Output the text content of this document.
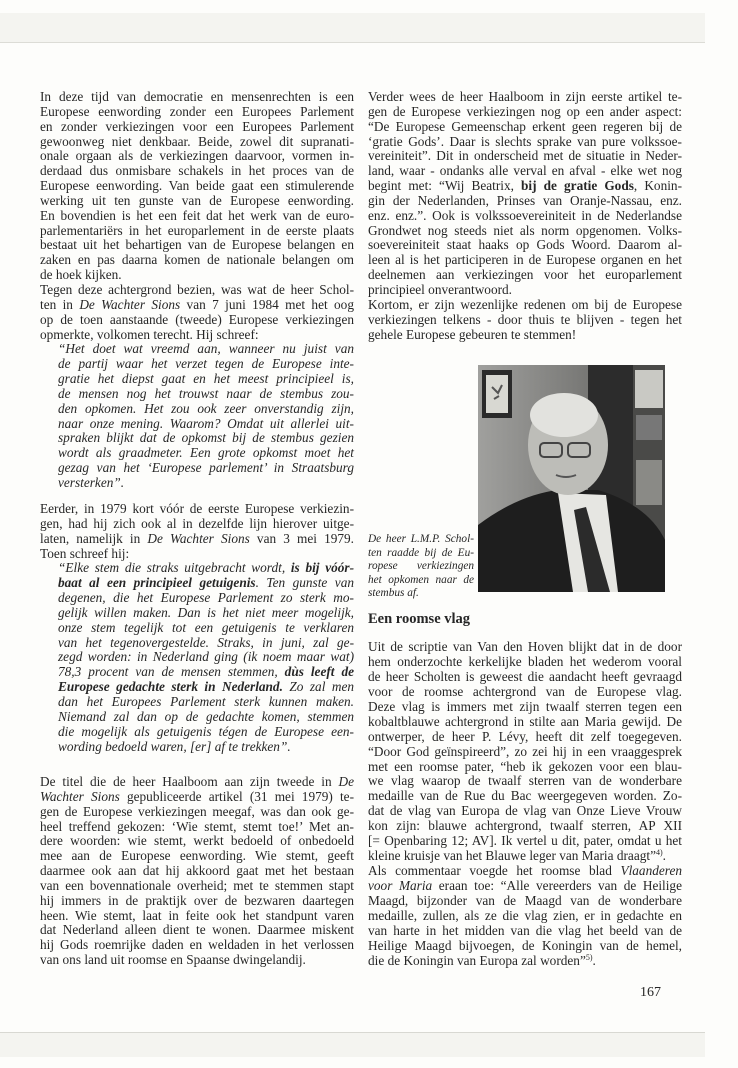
In deze tijd van democratie en mensenrechten is een
Europese eenwording zonder een Europees Parlement
en zonder verkiezingen voor een Europees Parlement
gewoonweg niet denkbaar. Beide, zowel dit supranati-
onale orgaan als de verkiezingen daarvoor, vormen in-
derdaad dus onmisbare schakels in het proces van de
Europese eenwording. Van beide gaat een stimulerende
werking uit ten gunste van de Europese eenwording.
En bovendien is het een feit dat het werk van de euro-
parlementariërs in het europarlement in de eerste plaats
bestaat uit het behartigen van de Europese belangen en
zaken en pas daarna komen de nationale belangen om
de hoek kijken.
Tegen deze achtergrond bezien, was wat de heer Schol-
ten in De Wachter Sions van 7 juni 1984 met het oog
op de toen aanstaande (tweede) Europese verkiezingen
opmerkte, volkomen terecht. Hij schreef:
“Het doet wat vreemd aan, wanneer nu juist van
de partij waar het verzet tegen de Europese inte-
gratie het diepst gaat en het meest principieel is,
de mensen nog het trouwst naar de stembus zou-
den opkomen. Het zou ook zeer onverstandig zijn,
naar onze mening. Waarom? Omdat uit allerlei uit-
spraken blijkt dat de opkomst bij de stembus gezien
wordt als graadmeter. Een grote opkomst moet het
gezag van het ‘Europese parlement’ in Straatsburg
versterken”.
Eerder, in 1979 kort vóór de eerste Europese verkiezin-
gen, had hij zich ook al in dezelfde lijn hierover uitge-
laten, namelijk in De Wachter Sions van 3 mei 1979.
Toen schreef hij:
“Elke stem die straks uitgebracht wordt, is bij vóór-
baat al een principieel getuigenis. Ten gunste van
degenen, die het Europese Parlement zo sterk mo-
gelijk willen maken. Dan is het niet meer mogelijk,
onze stem tegelijk tot een getuigenis te verklaren
van het tegenovergestelde. Straks, in juni, zal ge-
zegd worden: in Nederland ging (ik noem maar wat)
78,3 procent van de mensen stemmen, dùs leeft de
Europese gedachte sterk in Nederland. Zo zal men
dan het Europees Parlement sterk kunnen maken.
Niemand zal dan op de gedachte komen, stemmen
die mogelijk als getuigenis tégen de Europese een-
wording bedoeld waren, [er] af te trekken”.
De titel die de heer Haalboom aan zijn tweede in De
Wachter Sions gepubliceerde artikel (31 mei 1979) te-
gen de Europese verkiezingen meegaf, was dan ook ge-
heel treffend gekozen: ‘Wie stemt, stemt toe!’ Met an-
dere woorden: wie stemt, werkt bedoeld of onbedoeld
mee aan de Europese eenwording. Wie stemt, geeft
daarmee ook aan dat hij akkoord gaat met het bestaan
van een bovennationale overheid; met te stemmen stapt
hij immers in de praktijk over de bezwaren daartegen
heen. Wie stemt, laat in feite ook het standpunt varen
dat Nederland alleen dient te wonen. Daarmee miskent
hij Gods roemrijke daden en weldaden in het verlossen
van ons land uit roomse en Spaanse dwingelandij.
Verder wees de heer Haalboom in zijn eerste artikel te-
gen de Europese verkiezingen nog op een ander aspect:
“De Europese Gemeenschap erkent geen regeren bij de
‘gratie Gods’. Daar is slechts sprake van pure volkssoe-
vereiniteit”. Dit in onderscheid met de situatie in Neder-
land, waar - ondanks alle verval en afval - elke wet nog
begint met: “Wij Beatrix, bij de gratie Gods, Konin-
gin der Nederlanden, Prinses van Oranje-Nassau, enz.
enz. enz.”. Ook is volkssoevereiniteit in de Nederlandse
Grondwet nog steeds niet als norm opgenomen. Volks-
soevereiniteit staat haaks op Gods Woord. Daarom al-
leen al is het participeren in de Europese organen en het
deelnemen aan verkiezingen voor het europarlement
principieel onverantwoord.
Kortom, er zijn wezenlijke redenen om bij de Europese
verkiezingen telkens - door thuis te blijven - tegen het
gehele Europese gebeuren te stemmen!
De heer L.M.P. Schol-
ten raadde bij de Eu-
ropese verkiezingen
het opkomen naar de
stembus af.
Een roomse vlag
Uit de scriptie van Van den Hoven blijkt dat in de door
hem onderzochte kerkelijke bladen het wederom vooral
de heer Scholten is geweest die aandacht heeft gevraagd
voor de roomse achtergrond van de Europese vlag.
Deze vlag is immers met zijn twaalf sterren tegen een
kobaltblauwe achtergrond in stilte aan Maria gewijd. De
ontwerper, de heer P. Lévy, heeft dit zelf toegegeven.
“Door God geïnspireerd”, zo zei hij in een vraaggesprek
met een roomse pater, “heb ik gekozen voor een blau-
we vlag waarop de twaalf sterren van de wonderbare
medaille van de Rue du Bac weergegeven worden. Zo-
dat de vlag van Europa de vlag van Onze Lieve Vrouw
kon zijn: blauwe achtergrond, twaalf sterren, AP XII
[= Openbaring 12; AV]. Ik vertel u dit, pater, omdat u het
kleine kruisje van het Blauwe leger van Maria draagt”$^{4)}$.
Als commentaar voegde het roomse blad Vlaanderen
voor Maria eraan toe: “Alle vereerders van de Heilige
Maagd, bijzonder van de Maagd van de wonderbare
medaille, zullen, als ze die vlag zien, er in gedachte en
van harte in het midden van die vlag het beeld van de
Heilige Maagd bijvoegen, de Koningin van de hemel,
die de Koningin van Europa zal worden”$^{5)}$.
167
